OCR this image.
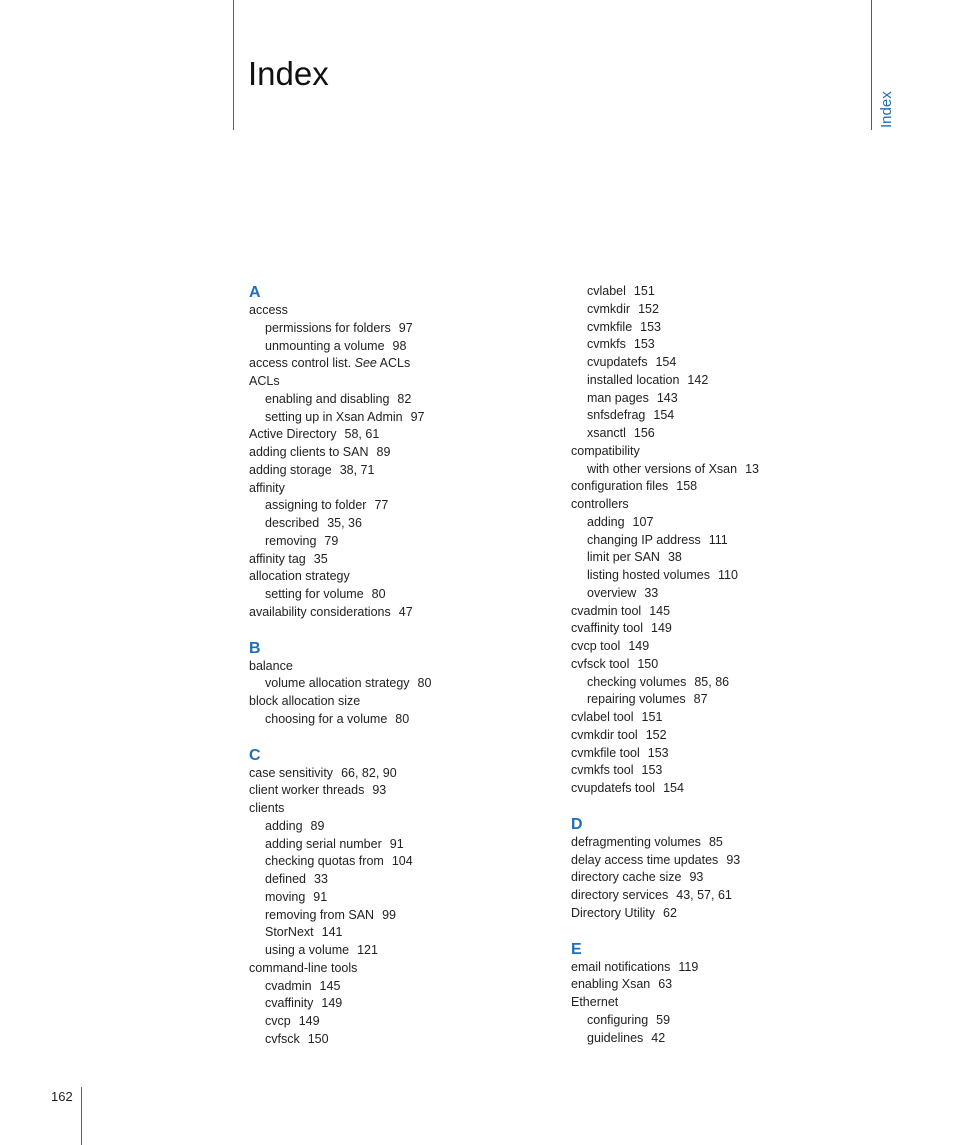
Index
Index
162
A
access
permissions for folders 97
unmounting a volume 98
access control list. See ACLs
ACLs
enabling and disabling 82
setting up in Xsan Admin 97
Active Directory 58, 61
adding clients to SAN 89
adding storage 38, 71
affinity
assigning to folder 77
described 35, 36
removing 79
affinity tag 35
allocation strategy
setting for volume 80
availability considerations 47
B
balance
volume allocation strategy 80
block allocation size
choosing for a volume 80
C
case sensitivity 66, 82, 90
client worker threads 93
clients
adding 89
adding serial number 91
checking quotas from 104
defined 33
moving 91
removing from SAN 99
StorNext 141
using a volume 121
command-line tools
cvadmin 145
cvaffinity 149
cvcp 149
cvfsck 150
cvlabel 151
cvmkdir 152
cvmkfile 153
cvmkfs 153
cvupdatefs 154
installed location 142
man pages 143
snfsdefrag 154
xsanctl 156
compatibility
with other versions of Xsan 13
configuration files 158
controllers
adding 107
changing IP address 111
limit per SAN 38
listing hosted volumes 110
overview 33
cvadmin tool 145
cvaffinity tool 149
cvcp tool 149
cvfsck tool 150
checking volumes 85, 86
repairing volumes 87
cvlabel tool 151
cvmkdir tool 152
cvmkfile tool 153
cvmkfs tool 153
cvupdatefs tool 154
D
defragmenting volumes 85
delay access time updates 93
directory cache size 93
directory services 43, 57, 61
Directory Utility 62
E
email notifications 119
enabling Xsan 63
Ethernet
configuring 59
guidelines 42
